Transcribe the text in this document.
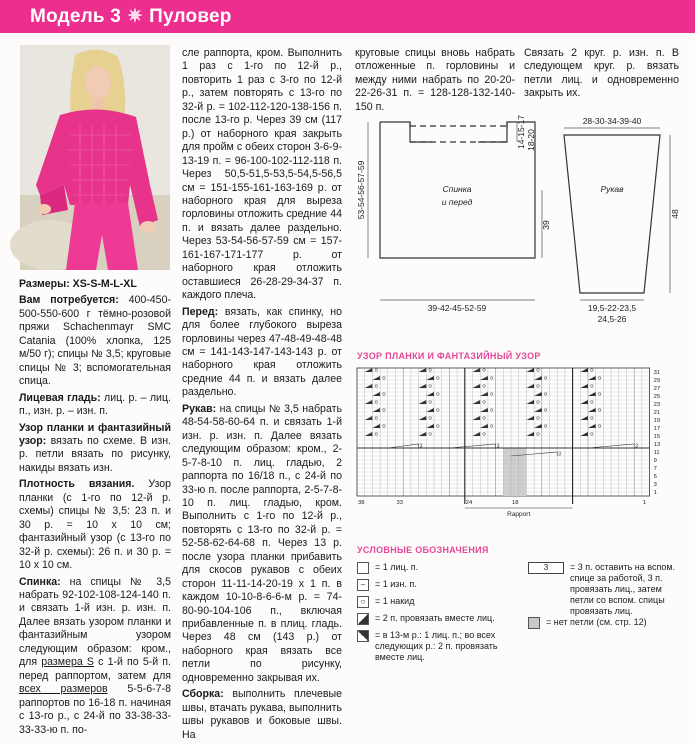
Модель 3 ✷ Пуловер

Размеры: XS-S-M-L-XL

Вам потребуется: 400-450-500-550-600 г тёмно-розовой пряжи Schachenmayr SMC Catania (100% хлопка, 125 м/50 г); спицы № 3,5; круговые спицы № 3; вспомогательная спица.

Лицевая гладь: лиц. р. – лиц. п., изн. р. – изн. п.

Узор планки и фантазийный узор: вязать по схеме. В изн. р. петли вязать по рисунку, накиды вязать изн.

Плотность вязания. Узор планки (с 1-го по 12-й р. схемы) спицы № 3,5: 23 п. и 30 р. = 10 х 10 см; фантазийный узор (с 13-го по 32-й р. схемы): 26 п. и 30 р. = 10 х 10 см.

Спинка: на спицы № 3,5 набрать 92-102-108-124-140 п. и связать 1-й изн. р. изн. п. Далее вязать узором планки и фантазийным узором следующим образом: кром., для размера S с 1-й по 5-й п. перед раппортом, затем для всех размеров 5-5-6-7-8 раппортов по 16-18 п. начиная с 13-го р., с 24-й по 33-38-33-33-33-ю п. по-

сле раппорта, кром. Выполнить 1 раз с 1-го по 12-й р., повторить 1 раз с 3-го по 12-й р., затем повторять с 13-го по 32-й р. = 102-112-120-138-156 п. после 13-го р. Через 39 см (117 р.) от наборного края закрыть для пройм с обеих сторон 3-6-9-13-19 п. = 96-100-102-112-118 п. Через 50,5-51,5-53,5-54,5-56,5 см = 151-155-161-163-169 р. от наборного края для выреза горловины отложить средние 44 п. и вязать далее раздельно. Через 53-54-56-57-59 см = 157-161-167-171-177 р. от наборного края отложить оставшиеся 26-28-29-34-37 п. каждого плеча.

Перед: вязать, как спинку, но для более глубокого выреза горловины через 47-48-49-48-48 см = 141-143-147-143-143 р. от наборного края отложить средние 44 п. и вязать далее раздельно.

Рукав: на спицы № 3,5 набрать 48-54-58-60-64 п. и связать 1-й изн. р. изн. п. Далее вязать следующим образом: кром., 2-5-7-8-10 п. лиц. гладью, 2 раппорта по 16/18 п., с 24-й по 33-ю п. после раппорта, 2-5-7-8-10 п. лиц. гладью, кром. Выполнить с 1-го по 12-й р., повторять с 13-го по 32-й р. = 52-58-62-64-68 п. Через 13 р. после узора планки прибавить для скосов рукавов с обеих сторон 11-11-14-20-19 х 1 п. в каждом 10-10-8-6-6-м р. = 74-80-90-104-106 п., включая прибавленные п. в плиц. гладь. Через 48 см (143 р.) от наборного края вязать все петли по рисунку, одновременно закрывая их.

Сборка: выполнить плечевые швы, втачать рукава, выполнить швы рукавов и боковые швы. На

круговые спицы вновь набрать отложенные п. горловины и между ними набрать по 20-20-22-26-31 п. = 128-128-132-140-150 п.

Связать 2 круг. р. изн. п. В следующем круг. р. вязать петли лиц. и одновременно закрыть их.

Спинка
и перед
Рукав
39-42-45-52-59
53-54-56-57-59
39
14-15-17 18-20
28-30-34-39-40
19,5-22-23,5
24,5-26
48
УЗОР ПЛАНКИ И ФАНТАЗИЙНЫЙ УЗОР
3	3
3
3
31
29
27
25
23
21
19
17
15
13
11
9
7
5
3
1
38	33	24	18	1
Rapport
УСЛОВНЫЕ ОБОЗНАЧЕНИЯ
= 1 лиц. п.
–	= 1 изн. п.
○	= 1 накид
= 2 п. провязать вместе лиц.
= в 13-м р.: 1 лиц. п.; во всех следующих р.: 2 п. провязать вместе лиц.
3	= 3 п. оставить на вспом. спице за работой, 3 п. провязать лиц., затем петли со вспом. спицы провязать лиц.
= нет петли (см. стр. 12)
